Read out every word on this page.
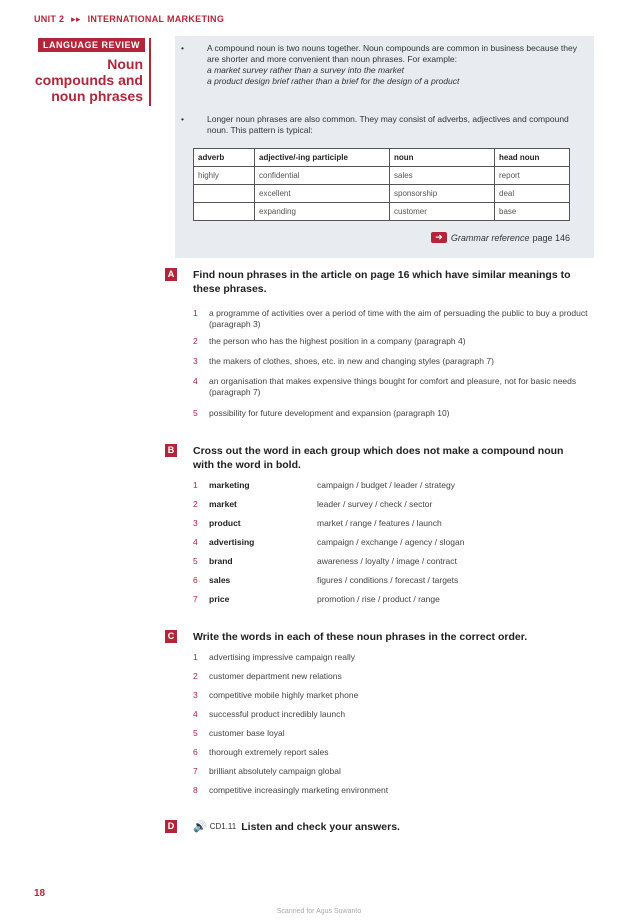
UNIT 2 ▸▸ INTERNATIONAL MARKETING
LANGUAGE REVIEW
Noun compounds and noun phrases
•	A compound noun is two nouns together. Noun compounds are common in business because they are shorter and more convenient than noun phrases. For example:
a market survey rather than a survey into the market
a product design brief rather than a brief for the design of a product
•	Longer noun phrases are also common. They may consist of adverbs, adjectives and compound noun. This pattern is typical:
adverb	adjective/-ing participle	noun	head noun
highly	confidential	sales	report
	excellent	sponsorship	deal
	expanding	customer	base
➜ Grammar reference page 146
A Find noun phrases in the article on page 16 which have similar meanings to these phrases.
1 a programme of activities over a period of time with the aim of persuading the public to buy a product (paragraph 3)
2 the person who has the highest position in a company (paragraph 4)
3 the makers of clothes, shoes, etc. in new and changing styles (paragraph 7)
4 an organisation that makes expensive things bought for comfort and pleasure, not for basic needs (paragraph 7)
5 possibility for future development and expansion (paragraph 10)
B Cross out the word in each group which does not make a compound noun with the word in bold.
1 marketing	campaign / budget / leader / strategy
2 market	leader / survey / check / sector
3 product	market / range / features / launch
4 advertising	campaign / exchange / agency / slogan
5 brand	awareness / loyalty / image / contract
6 sales	figures / conditions / forecast / targets
7 price	promotion / rise / product / range
C Write the words in each of these noun phrases in the correct order.
1 advertising impressive campaign really
2 customer department new relations
3 competitive mobile highly market phone
4 successful product incredibly launch
5 customer base loyal
6 thorough extremely report sales
7 brilliant absolutely campaign global
8 competitive increasingly marketing environment
D 🔊 CD1.11 Listen and check your answers.
18
Scanned for Agus Suwanto
